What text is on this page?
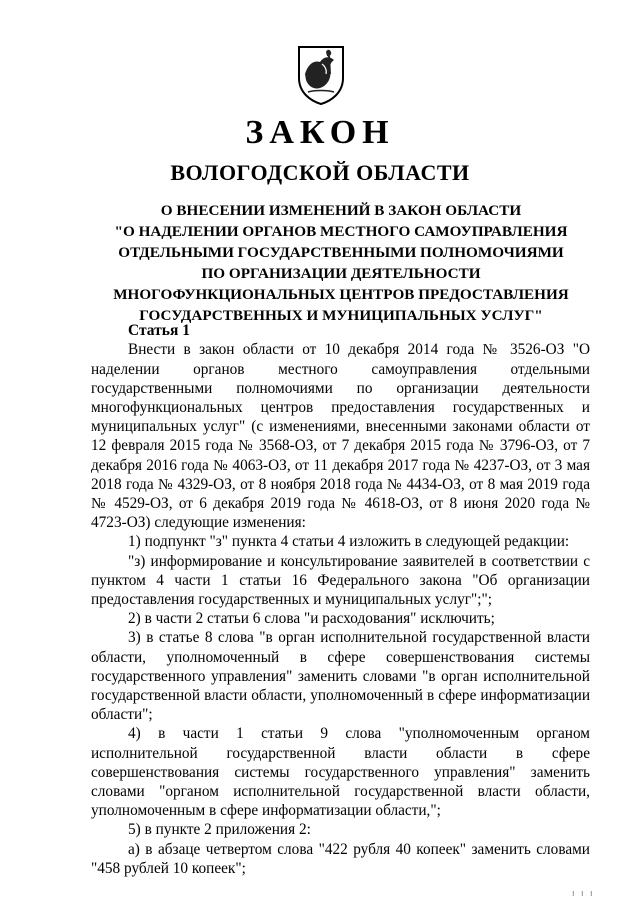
ЗАКОН
ВОЛОГОДСКОЙ ОБЛАСТИ
О ВНЕСЕНИИ ИЗМЕНЕНИЙ В ЗАКОН ОБЛАСТИ
"О НАДЕЛЕНИИ ОРГАНОВ МЕСТНОГО САМОУПРАВЛЕНИЯ
ОТДЕЛЬНЫМИ ГОСУДАРСТВЕННЫМИ ПОЛНОМОЧИЯМИ
ПО ОРГАНИЗАЦИИ ДЕЯТЕЛЬНОСТИ
МНОГОФУНКЦИОНАЛЬНЫХ ЦЕНТРОВ ПРЕДОСТАВЛЕНИЯ
ГОСУДАРСТВЕННЫХ И МУНИЦИПАЛЬНЫХ УСЛУГ"

Статья 1

Внести в закон области от 10 декабря 2014 года № 3526-ОЗ "О наделении органов местного самоуправления отдельными государственными полномочиями по организации деятельности многофункциональных центров предоставления государственных и муниципальных услуг" (с изменениями, внесенными законами области от 12 февраля 2015 года № 3568-ОЗ, от 7 декабря 2015 года № 3796-ОЗ, от 7 декабря 2016 года № 4063-ОЗ, от 11 декабря 2017 года № 4237-ОЗ, от 3 мая 2018 года № 4329-ОЗ, от 8 ноября 2018 года № 4434-ОЗ, от 8 мая 2019 года № 4529-ОЗ, от 6 декабря 2019 года № 4618-ОЗ, от 8 июня 2020 года № 4723-ОЗ) следующие изменения:

1) подпункт "з" пункта 4 статьи 4 изложить в следующей редакции:

"з) информирование и консультирование заявителей в соответствии с пунктом 4 части 1 статьи 16 Федерального закона "Об организации предоставления государственных и муниципальных услуг";";

2) в части 2 статьи 6 слова "и расходования" исключить;

3) в статье 8 слова "в орган исполнительной государственной власти области, уполномоченный в сфере совершенствования системы государственного управления" заменить словами "в орган исполнительной государственной власти области, уполномоченный в сфере информатизации области";

4) в части 1 статьи 9 слова "уполномоченным органом исполнительной государственной власти области в сфере совершенствования системы государственного управления" заменить словами "органом исполнительной государственной власти области, уполномоченным в сфере информатизации области,";

5) в пункте 2 приложения 2:

а) в абзаце четвертом слова "422 рубля 40 копеек" заменить словами "458 рублей 10 копеек";

ı ı ı
